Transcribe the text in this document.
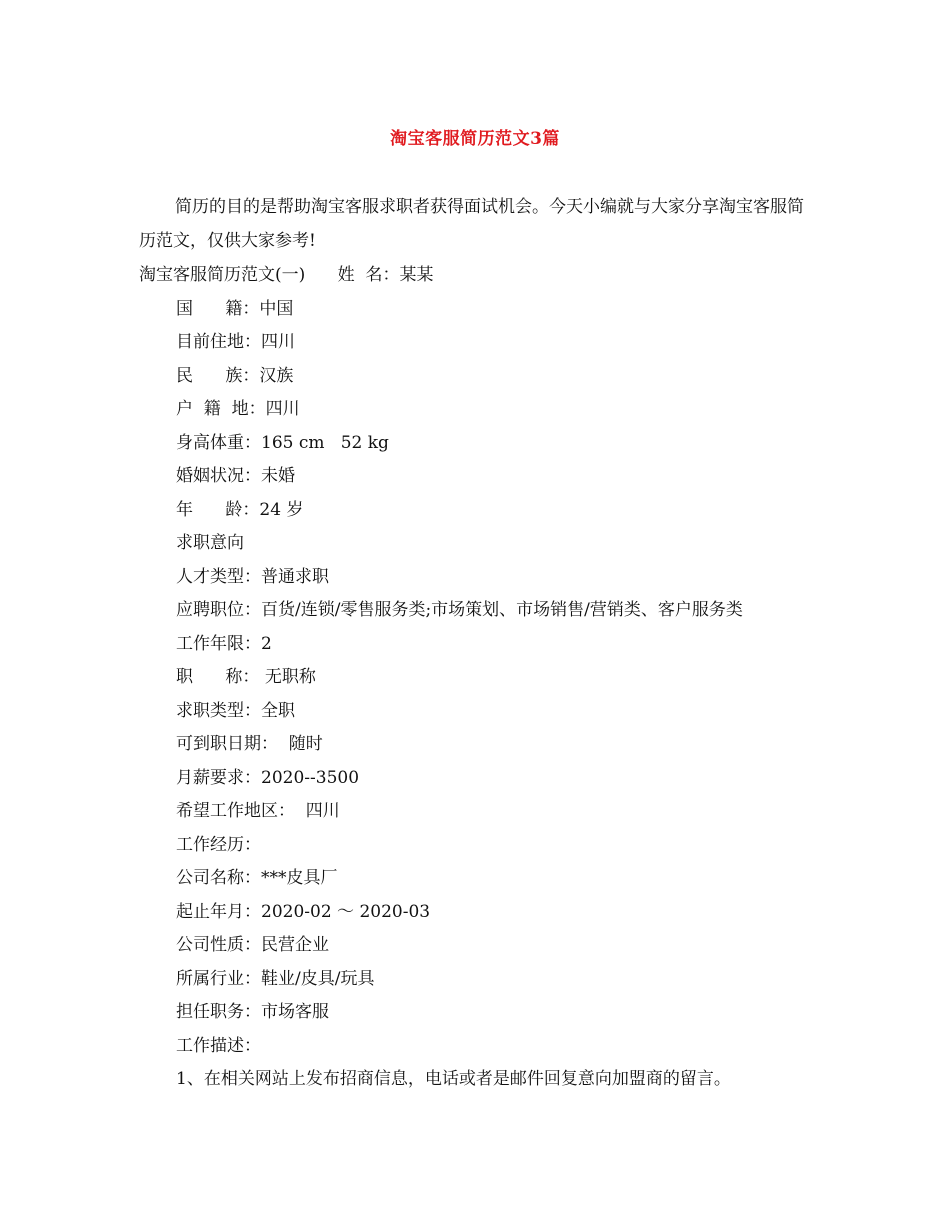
淘宝客服简历范文3篇
简历的目的是帮助淘宝客服求职者获得面试机会。今天小编就与大家分享淘宝客服简历范文，仅供大家参考!
淘宝客服简历范文(一)      姓  名：某某
国      籍：中国
目前住地：四川
民      族：汉族
户  籍  地：四川
身高体重：165 cm   52 kg
婚姻状况：未婚
年      龄：24 岁
求职意向
人才类型：普通求职
应聘职位：百货/连锁/零售服务类;市场策划、市场销售/营销类、客户服务类
工作年限：2
职      称： 无职称
求职类型：全职
可到职日期：  随时
月薪要求：2020--3500
希望工作地区：  四川
工作经历：
公司名称：***皮具厂
起止年月：2020-02 ～ 2020-03
公司性质：民营企业
所属行业：鞋业/皮具/玩具
担任职务：市场客服
工作描述：
1、在相关网站上发布招商信息，电话或者是邮件回复意向加盟商的留言。
